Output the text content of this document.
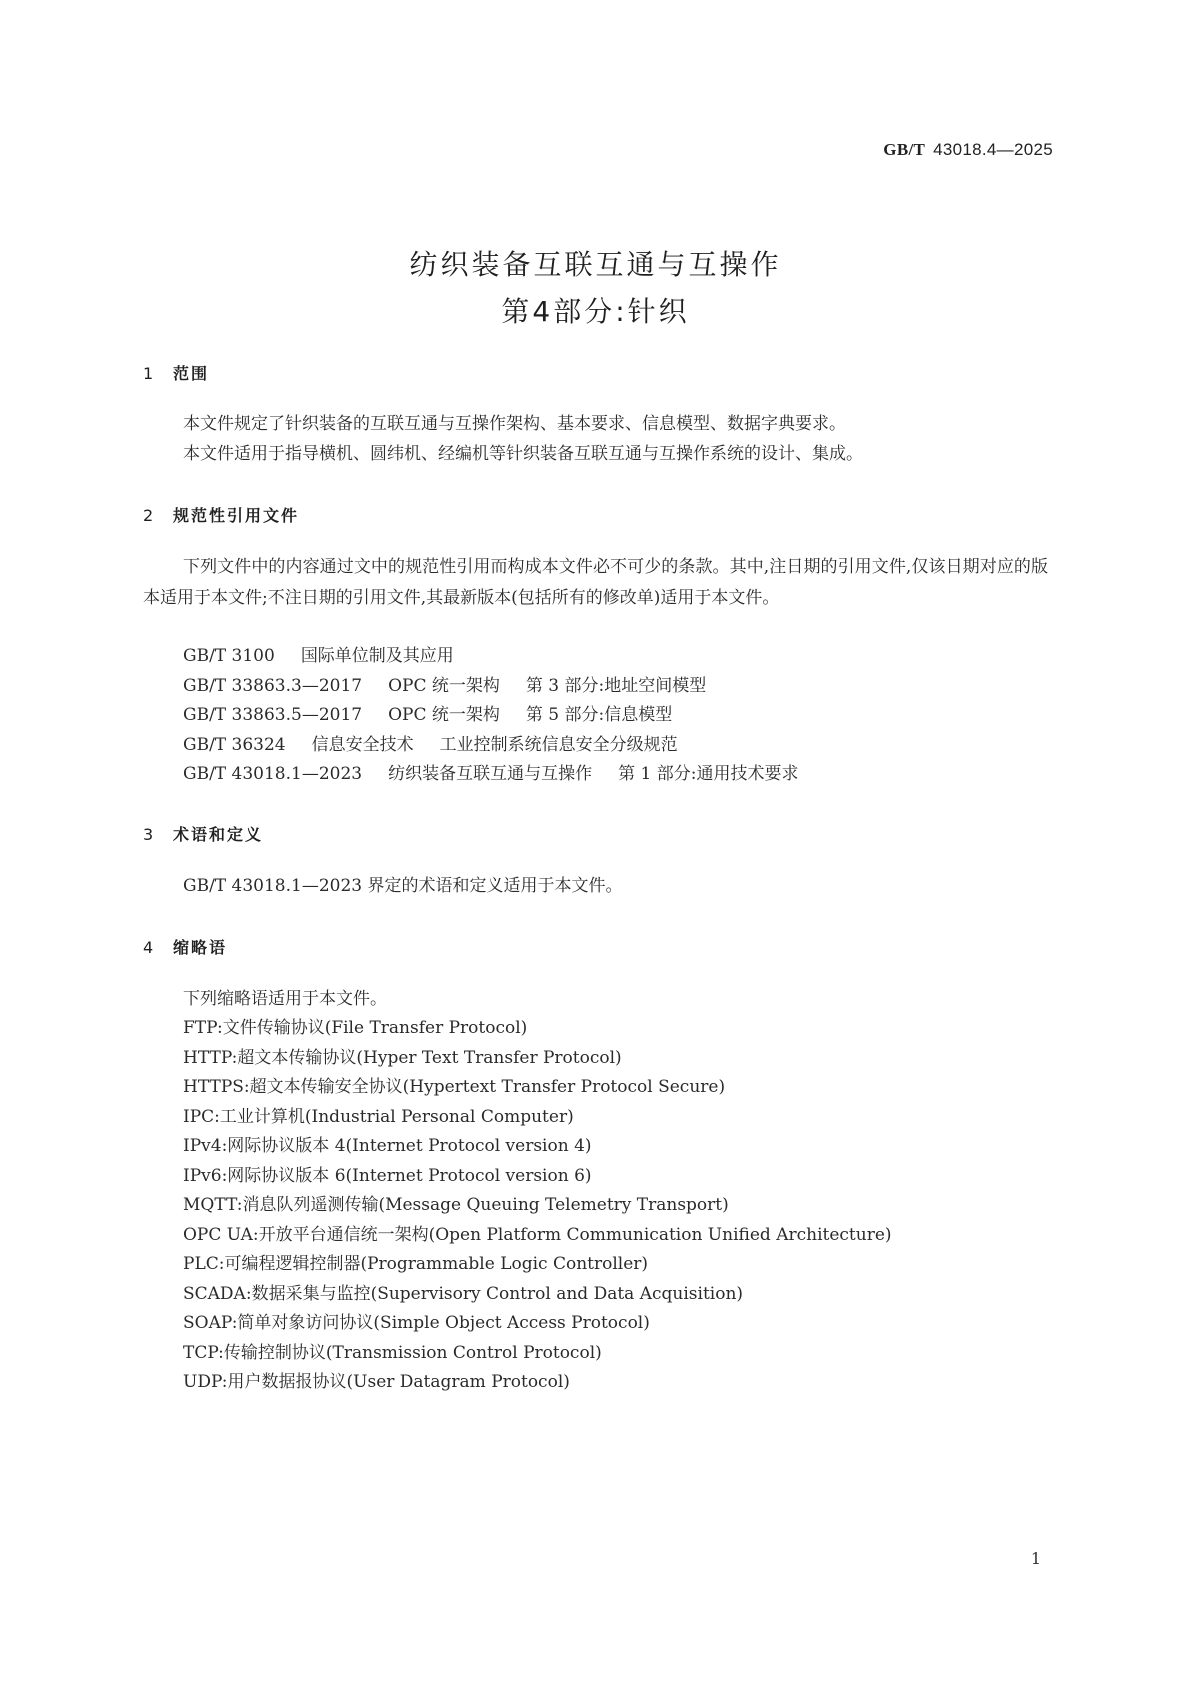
GB/T 43018.4—2025
纺织装备互联互通与互操作
第4部分:针织
1 范围
本文件规定了针织装备的互联互通与互操作架构、基本要求、信息模型、数据字典要求。
本文件适用于指导横机、圆纬机、经编机等针织装备互联互通与互操作系统的设计、集成。
2 规范性引用文件
下列文件中的内容通过文中的规范性引用而构成本文件必不可少的条款。其中,注日期的引用文件,仅该日期对应的版本适用于本文件;不注日期的引用文件,其最新版本(包括所有的修改单)适用于本文件。
GB/T 3100 国际单位制及其应用
GB/T 33863.3—2017 OPC 统一架构 第 3 部分:地址空间模型
GB/T 33863.5—2017 OPC 统一架构 第 5 部分:信息模型
GB/T 36324 信息安全技术 工业控制系统信息安全分级规范
GB/T 43018.1—2023 纺织装备互联互通与互操作 第 1 部分:通用技术要求
3 术语和定义
GB/T 43018.1—2023 界定的术语和定义适用于本文件。
4 缩略语
下列缩略语适用于本文件。
FTP:文件传输协议(File Transfer Protocol)
HTTP:超文本传输协议(Hyper Text Transfer Protocol)
HTTPS:超文本传输安全协议(Hypertext Transfer Protocol Secure)
IPC:工业计算机(Industrial Personal Computer)
IPv4:网际协议版本 4(Internet Protocol version 4)
IPv6:网际协议版本 6(Internet Protocol version 6)
MQTT:消息队列遥测传输(Message Queuing Telemetry Transport)
OPC UA:开放平台通信统一架构(Open Platform Communication Unified Architecture)
PLC:可编程逻辑控制器(Programmable Logic Controller)
SCADA:数据采集与监控(Supervisory Control and Data Acquisition)
SOAP:简单对象访问协议(Simple Object Access Protocol)
TCP:传输控制协议(Transmission Control Protocol)
UDP:用户数据报协议(User Datagram Protocol)
1
